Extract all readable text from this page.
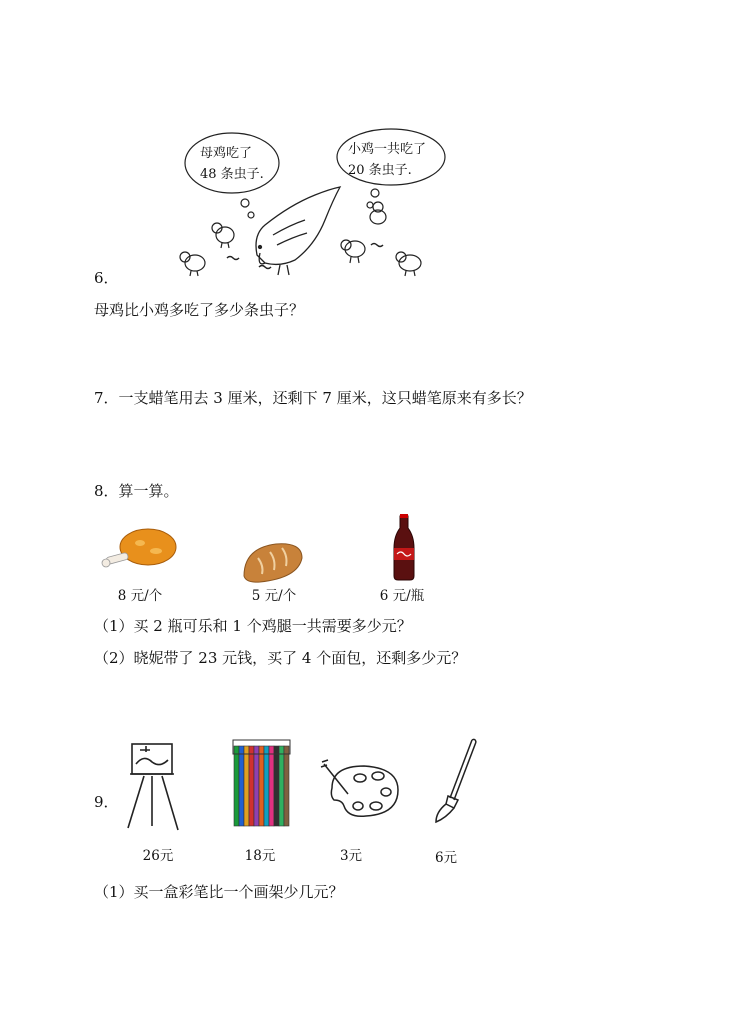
母鸡吃了
48 条虫子.
小鸡一共吃了
20 条虫子.
6．
母鸡比小鸡多吃了多少条虫子？
7．一支蜡笔用去 3 厘米，还剩下 7 厘米，这只蜡笔原来有多长？
8．算一算。
8 元/个	5 元/个	6 元/瓶
（1）买 2 瓶可乐和 1 个鸡腿一共需要多少元？
（2）晓妮带了 23 元钱，买了 4 个面包，还剩多少元？
9．
26元	18元	3元	6元
（1）买一盒彩笔比一个画架少几元？
